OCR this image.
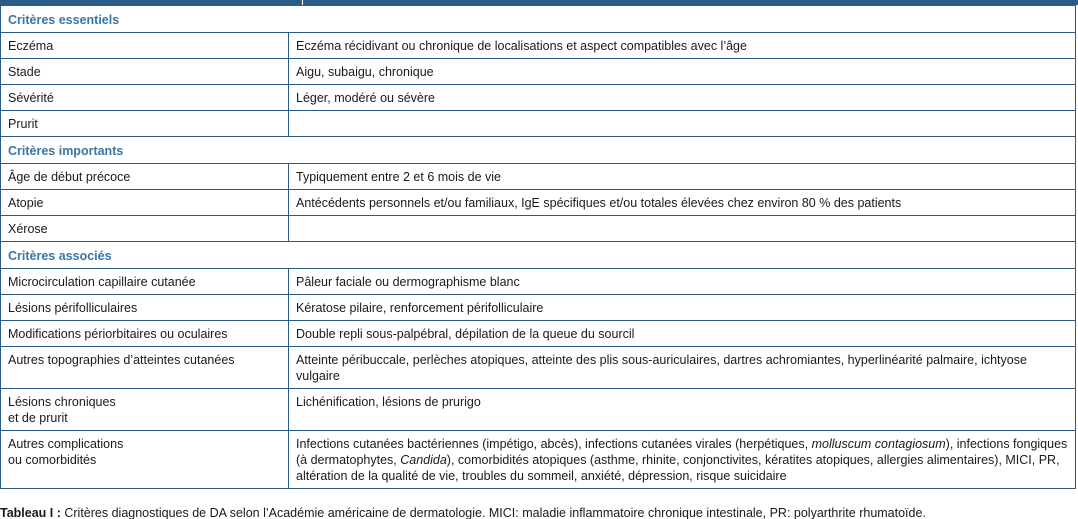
Critères essentiels	
Eczéma	Eczéma récidivant ou chronique de localisations et aspect compatibles avec l’âge
Stade	Aigu, subaigu, chronique
Sévérité	Léger, modéré ou sévère
Prurit	
Critères importants	
Âge de début précoce	Typiquement entre 2 et 6 mois de vie
Atopie	Antécédents personnels et/ou familiaux, IgE spécifiques et/ou totales élevées chez environ 80 % des patients
Xérose	
Critères associés	
Microcirculation capillaire cutanée	Pâleur faciale ou dermographisme blanc
Lésions périfolliculaires	Kératose pilaire, renforcement périfolliculaire
Modifications périorbitaires ou oculaires	Double repli sous-palpébral, dépilation de la queue du sourcil
Autres topographies d’atteintes cutanées	Atteinte péribuccale, perlèches atopiques, atteinte des plis sous-auriculaires, dartres achromiantes, hyperlinéarité palmaire, ichtyose vulgaire

Lésions chroniques
et de prurit	Lichénification, lésions de prurigo

Autres complications
ou comorbidités	Infections cutanées bactériennes (impétigo, abcès), infections cutanées virales (herpétiques, molluscum contagiosum), infections fongiques (à dermatophytes, Candida), comorbidités atopiques (asthme, rhinite, conjonctivites, kératites atopiques, allergies alimentaires), MICI, PR, altération de la qualité de vie, troubles du sommeil, anxiété, dépression, risque suicidaire
Tableau I : Critères diagnostiques de DA selon l’Académie américaine de dermatologie. MICI: maladie inflammatoire chronique intestinale, PR: polyarthrite rhumatoïde.
